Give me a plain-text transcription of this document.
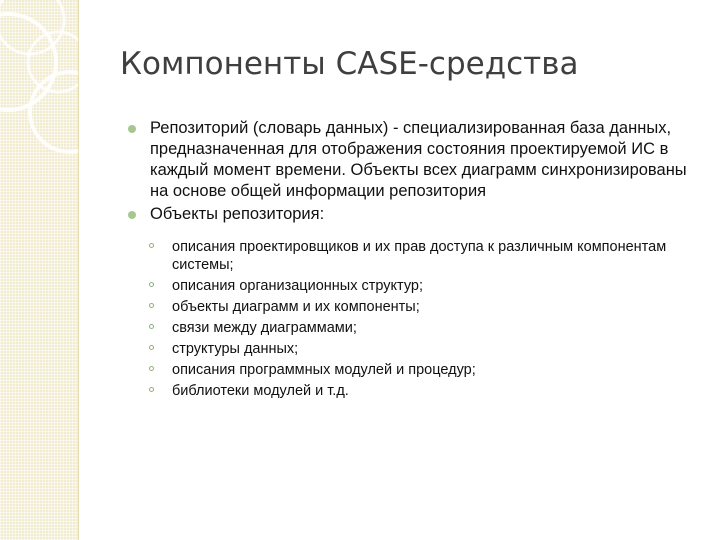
Компоненты CASE-средства
Репозиторий (словарь данных) - специализированная база данных, предназначенная для отображения состояния проектируемой ИС в каждый момент времени. Объекты всех диаграмм синхронизированы на основе общей информации репозитория
Объекты репозитория:
описания проектировщиков и их прав доступа к различным компонентам системы;
описания организационных структур;
объекты диаграмм и их компоненты;
связи между диаграммами;
структуры данных;
описания программных модулей и процедур;
библиотеки модулей и т.д.
